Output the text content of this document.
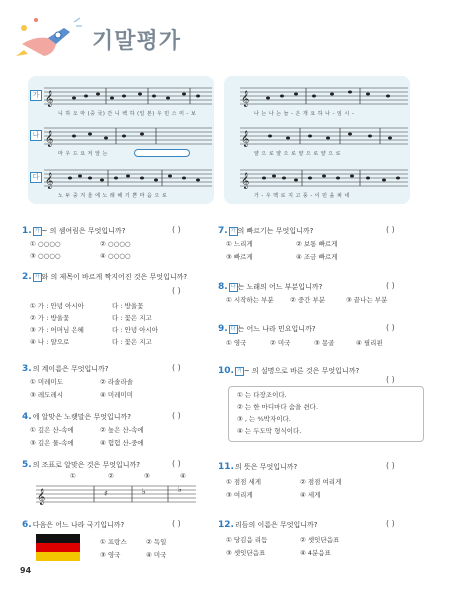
기말평가
가 𝄞
니 하 오 마 (중 국) 간 니 벡 하 (일 본) 우 민 스 미 - 보
나 𝄞
마 우 드 요 저 앞 는
다 𝄞
노 두 중 겨 울 에 노 래 해 기 쁜 마 음 으 로
𝄞
나 는 나 는 늘 - 은 개 요 하 나 - 임 시 -
𝄞
얄 으 로 얄 으 로 얄 으 로 얄 으 로
𝄞
가 - 우 멕 로 지 고 풍 - 이 민 을 퍼 네
1. 가 ~ 의 셈여림은 무엇입니까?	( )
① ○○○○	② ○○○○
③ ○○○○	④ ○○○○
2. 가 와 의 제목이 바르게 짝지어진 것은 무엇입니까?
( )
① 가 : 안녕 아시아	다 : 방울꽃
② 가 : 방울꽃	다 : 꽃은 지고
③ 가 : 어머님 은혜	다 : 안녕 아시아
④ 나 : 얄으로	다 : 꽃은 지고
3.의 계이름은 무엇입니까?	( )
① 미레미도	② 라솔라솔
③ 레도레시	④ 미레미미
4.에 알맞은 노랫말은 무엇입니까?	( )
① 깊은 산-속에	② 높은 산-속에
③ 깊은 물-속에	④ 험험 산-중에
5.의 조표로 알맞은 것은 무엇입니까?	( )
①	②	③	④
𝄞	♯	♭	♭
6.다음은 어느 나라 국기입니까?	( )
① 프랑스	② 독일
③ 영국	④ 미국
7. 가 의 빠르기는 무엇입니까?	( )
① 느리게	② 보통 빠르게
③ 빠르게	④ 조금 빠르게
8. 나 는 노래의 어느 부분입니까?	( )
① 시작하는 부분	② 중간 부분	③ 끝나는 부분
9. 다 는 어느 나라 민요입니까?	( )
① 영국	② 미국	③ 몽골	④ 필리핀
10. 가 ~ 의 설명으로 바른 것은 무엇입니까?
( )
① 는 다장조이다.
② 는 한 마디마다 숨을 쉰다.
③ , 는 ⅘박자이다.
④ 는 두도막 형식이다.
11.의 뜻은 무엇입니까?	( )
① 점점 세게	② 점점 여리게
③ 여리게	④ 세게
12.리듬의 이름은 무엇입니까?	( )
① 당김음 리듬	② 셋잇단음표
③ 셋잇단음표	④ 4분음표
94
